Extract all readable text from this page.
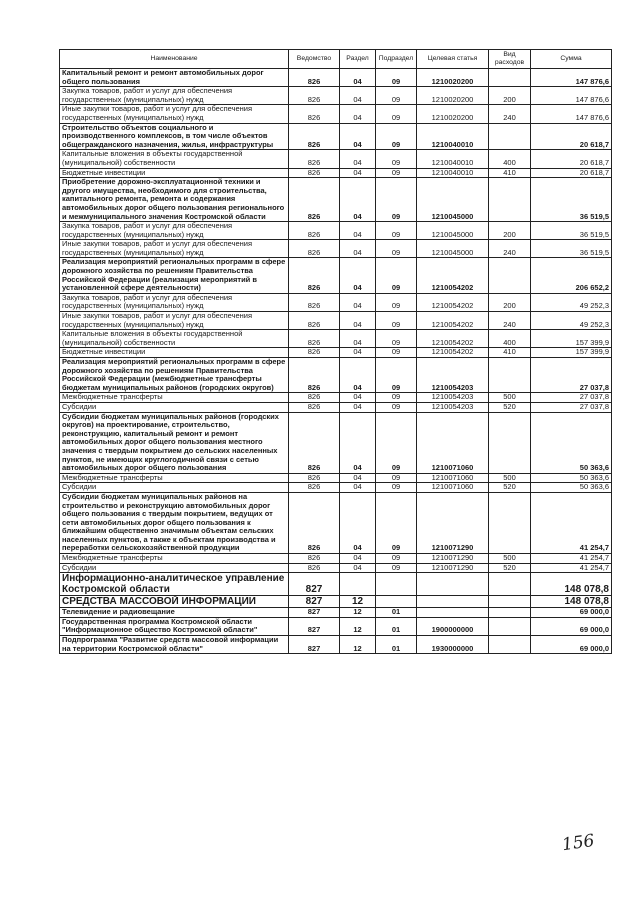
Наименование	Ведомство	Раздел	Подраздел	Целевая статья	Вид расходов	Сумма
Капитальный ремонт и ремонт автомобильных дорог общего пользования	826	04	09	1210020200		147 876,6
Закупка товаров, работ и услуг для обеспечения государственных (муниципальных) нужд	826	04	09	1210020200	200	147 876,6
Иные закупки товаров, работ и услуг для обеспечения государственных (муниципальных) нужд	826	04	09	1210020200	240	147 876,6
Строительство объектов социального и производственного комплексов, в том числе объектов общегражданского назначения, жилья, инфраструктуры	826	04	09	1210040010		20 618,7
Капитальные вложения в объекты государственной (муниципальной) собственности	826	04	09	1210040010	400	20 618,7
Бюджетные инвестиции	826	04	09	1210040010	410	20 618,7
Приобретение дорожно-эксплуатационной техники и другого имущества, необходимого для строительства, капитального ремонта, ремонта и содержания автомобильных дорог общего пользования регионального и межмуниципального значения Костромской области	826	04	09	1210045000		36 519,5
Закупка товаров, работ и услуг для обеспечения государственных (муниципальных) нужд	826	04	09	1210045000	200	36 519,5
Иные закупки товаров, работ и услуг для обеспечения государственных (муниципальных) нужд	826	04	09	1210045000	240	36 519,5
Реализация мероприятий региональных программ в сфере дорожного хозяйства по решениям Правительства Российской Федерации (реализация мероприятий в установленной сфере деятельности)	826	04	09	1210054202		206 652,2
Закупка товаров, работ и услуг для обеспечения государственных (муниципальных) нужд	826	04	09	1210054202	200	49 252,3
Иные закупки товаров, работ и услуг для обеспечения государственных (муниципальных) нужд	826	04	09	1210054202	240	49 252,3
Капитальные вложения в объекты государственной (муниципальной) собственности	826	04	09	1210054202	400	157 399,9
Бюджетные инвестиции	826	04	09	1210054202	410	157 399,9
Реализация мероприятий региональных программ в сфере дорожного хозяйства по решениям Правительства Российской Федерации (межбюджетные трансферты бюджетам муниципальных районов (городских округов)	826	04	09	1210054203		27 037,8
Межбюджетные трансферты	826	04	09	1210054203	500	27 037,8
Субсидии	826	04	09	1210054203	520	27 037,8
Субсидии бюджетам муниципальных районов (городских округов) на проектирование, строительство, реконструкцию, капитальный ремонт и ремонт автомобильных дорог общего пользования местного значения с твердым покрытием до сельских населенных пунктов, не имеющих круглогодичной связи с сетью автомобильных дорог общего пользования	826	04	09	1210071060		50 363,6
Межбюджетные трансферты	826	04	09	1210071060	500	50 363,6
Субсидии	826	04	09	1210071060	520	50 363,6
Субсидии бюджетам муниципальных районов на строительство и реконструкцию автомобильных дорог общего пользования с твердым покрытием, ведущих от сети автомобильных дорог общего пользования к ближайшим общественно значимым объектам сельских населенных пунктов, а также к объектам производства и переработки сельскохозяйственной продукции	826	04	09	1210071290		41 254,7
Межбюджетные трансферты	826	04	09	1210071290	500	41 254,7
Субсидии	826	04	09	1210071290	520	41 254,7
Информационно-аналитическое управление Костромской области	827					148 078,8
СРЕДСТВА МАССОВОЙ ИНФОРМАЦИИ	827	12				148 078,8
Телевидение и радиовещание	827	12	01			69 000,0
Государственная программа Костромской области "Информационное общество Костромской области"	827	12	01	1900000000		69 000,0
Подпрограмма "Развитие средств массовой информации на территории Костромской области"	827	12	01	1930000000		69 000,0
156
